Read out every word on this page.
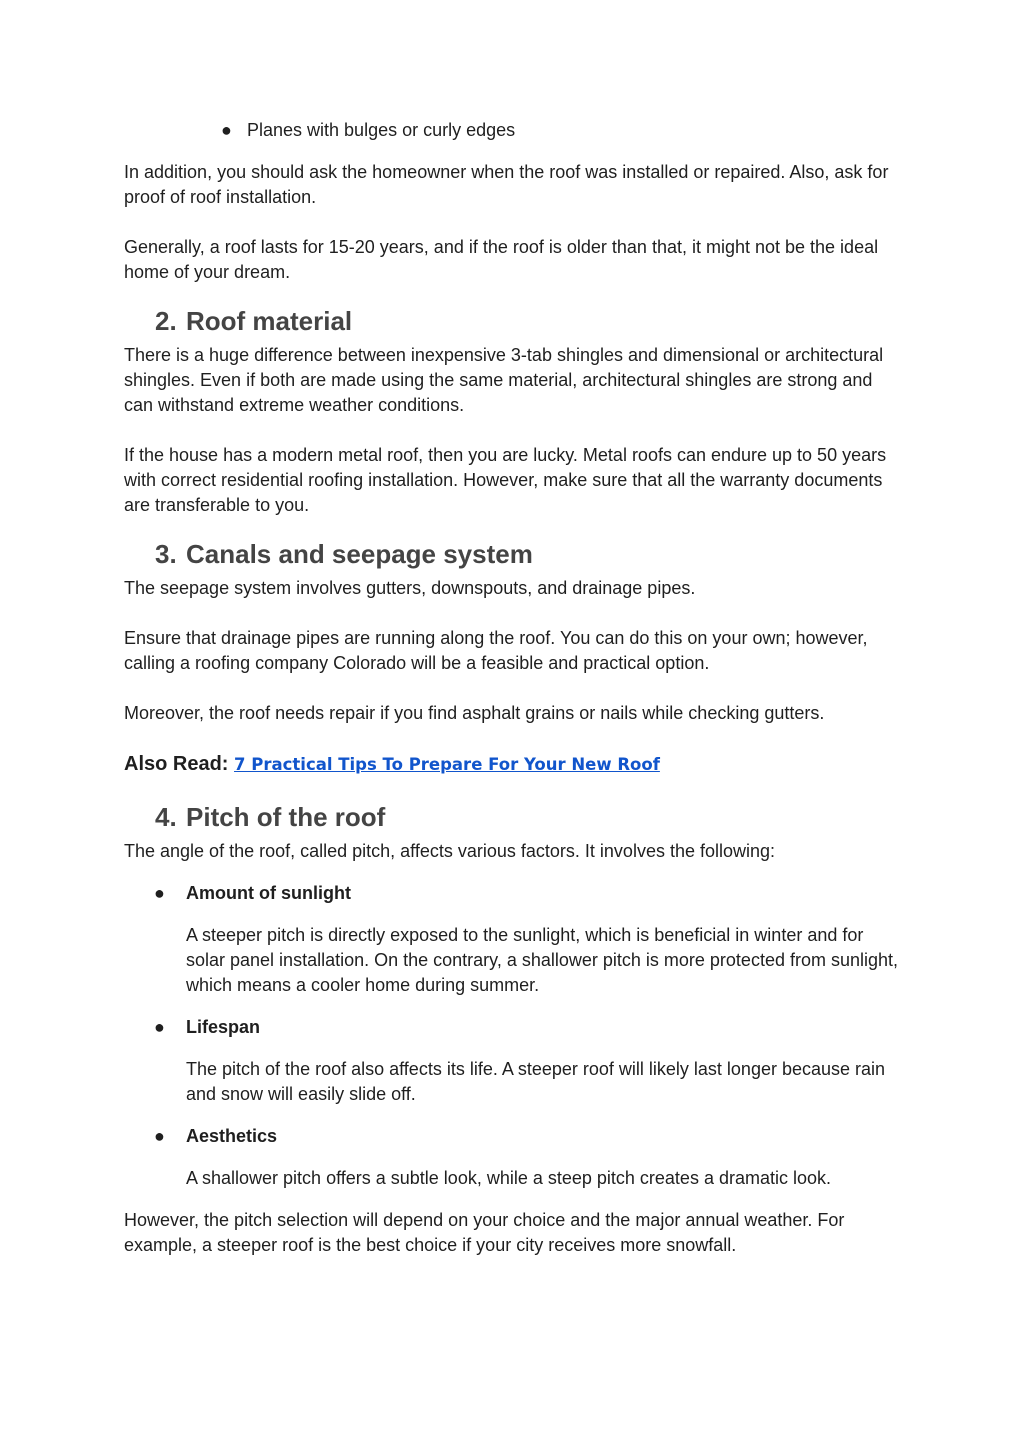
● Planes with bulges or curly edges

In addition, you should ask the homeowner when the roof was installed or repaired. Also, ask for proof of roof installation.

Generally, a roof lasts for 15-20 years, and if the roof is older than that, it might not be the ideal home of your dream.

2. Roof material

There is a huge difference between inexpensive 3-tab shingles and dimensional or architectural shingles. Even if both are made using the same material, architectural shingles are strong and can withstand extreme weather conditions.

If the house has a modern metal roof, then you are lucky. Metal roofs can endure up to 50 years with correct residential roofing installation. However, make sure that all the warranty documents are transferable to you.

3. Canals and seepage system

The seepage system involves gutters, downspouts, and drainage pipes.

Ensure that drainage pipes are running along the roof. You can do this on your own; however, calling a roofing company Colorado will be a feasible and practical option.

Moreover, the roof needs repair if you find asphalt grains or nails while checking gutters.

Also Read: 7 Practical Tips To Prepare For Your New Roof
4. Pitch of the roof

The angle of the roof, called pitch, affects various factors. It involves the following:

● Amount of sunlight

A steeper pitch is directly exposed to the sunlight, which is beneficial in winter and for solar panel installation. On the contrary, a shallower pitch is more protected from sunlight, which means a cooler home during summer.

● Lifespan

The pitch of the roof also affects its life. A steeper roof will likely last longer because rain and snow will easily slide off.

● Aesthetics

A shallower pitch offers a subtle look, while a steep pitch creates a dramatic look.

However, the pitch selection will depend on your choice and the major annual weather. For example, a steeper roof is the best choice if your city receives more snowfall.
